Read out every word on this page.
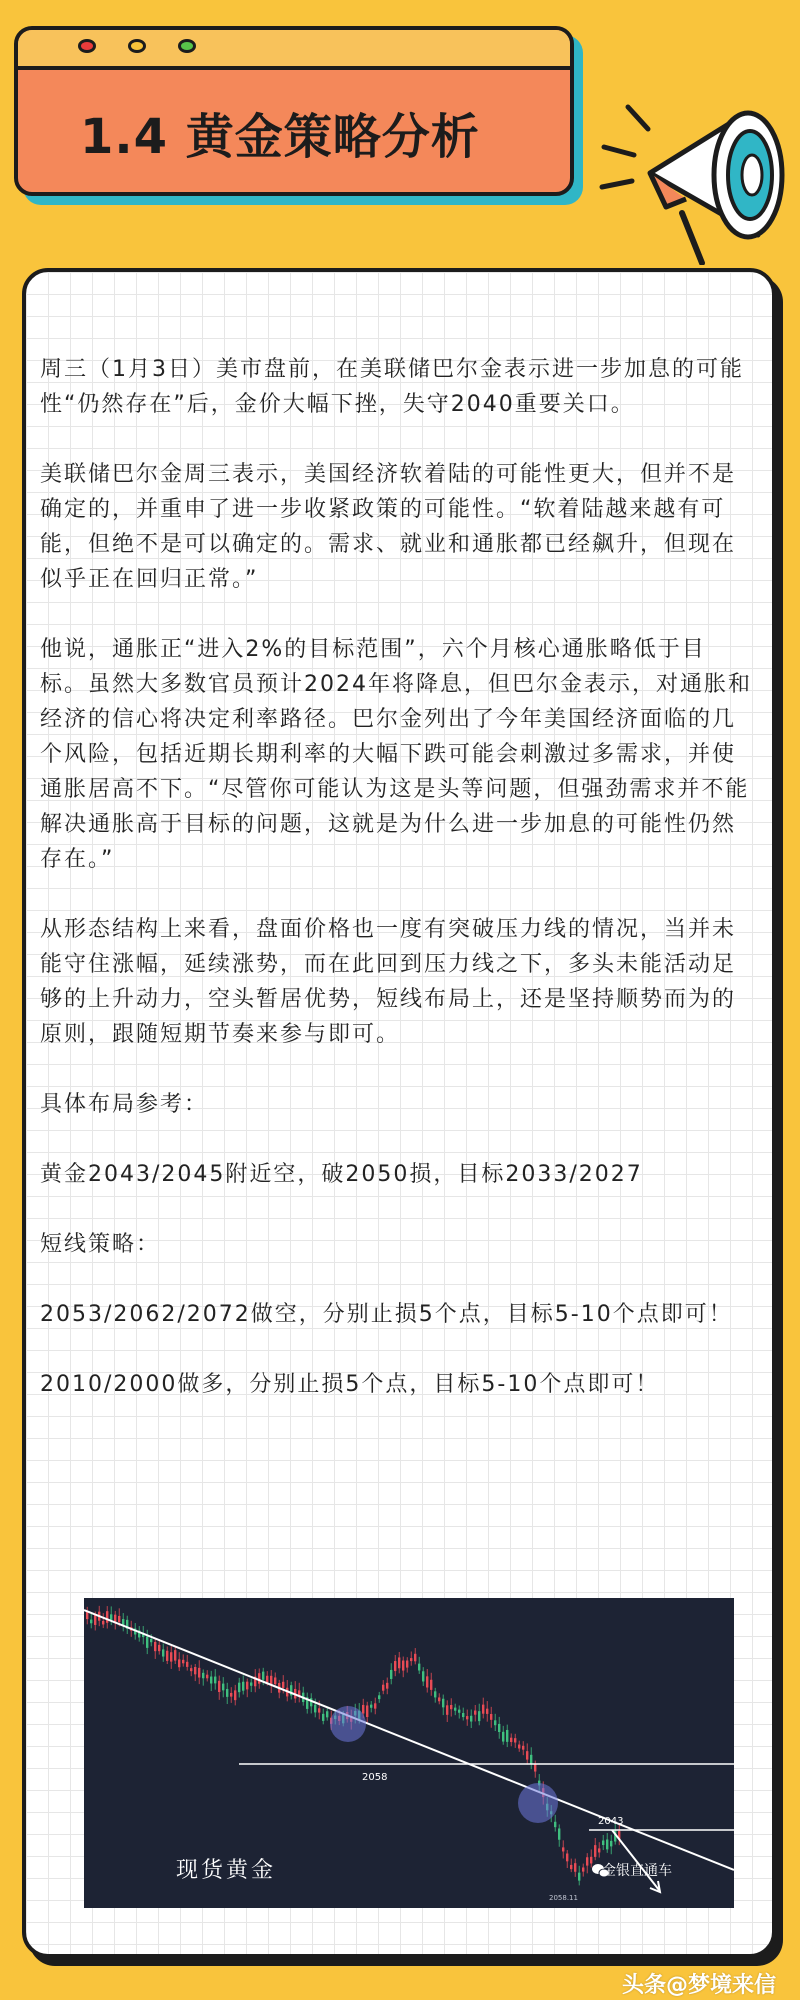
1.4 黄金策略分析

周三（1月3日）美市盘前，在美联储巴尔金表示进一步加息的可能性“仍然存在”后，金价大幅下挫，失守2040重要关口。

美联储巴尔金周三表示，美国经济软着陆的可能性更大，但并不是确定的，并重申了进一步收紧政策的可能性。“软着陆越来越有可能，但绝不是可以确定的。需求、就业和通胀都已经飙升，但现在似乎正在回归正常。”

他说，通胀正“进入2%的目标范围”，六个月核心通胀略低于目标。虽然大多数官员预计2024年将降息，但巴尔金表示，对通胀和经济的信心将决定利率路径。巴尔金列出了今年美国经济面临的几个风险，包括近期长期利率的大幅下跌可能会刺激过多需求，并使通胀居高不下。“尽管你可能认为这是头等问题，但强劲需求并不能解决通胀高于目标的问题，这就是为什么进一步加息的可能性仍然存在。”

从形态结构上来看，盘面价格也一度有突破压力线的情况，当并未能守住涨幅，延续涨势，而在此回到压力线之下，多头未能活动足够的上升动力，空头暂居优势，短线布局上，还是坚持顺势而为的原则，跟随短期节奏来参与即可。

具体布局参考：

黄金2043/2045附近空，破2050损，目标2033/2027

短线策略：

2053/2062/2072做空，分别止损5个点，目标5-10个点即可！

2010/2000做多，分别止损5个点，目标5-10个点即可！

2058
2043
2058.11
现货黄金	金银直通车
头条@梦境来信
